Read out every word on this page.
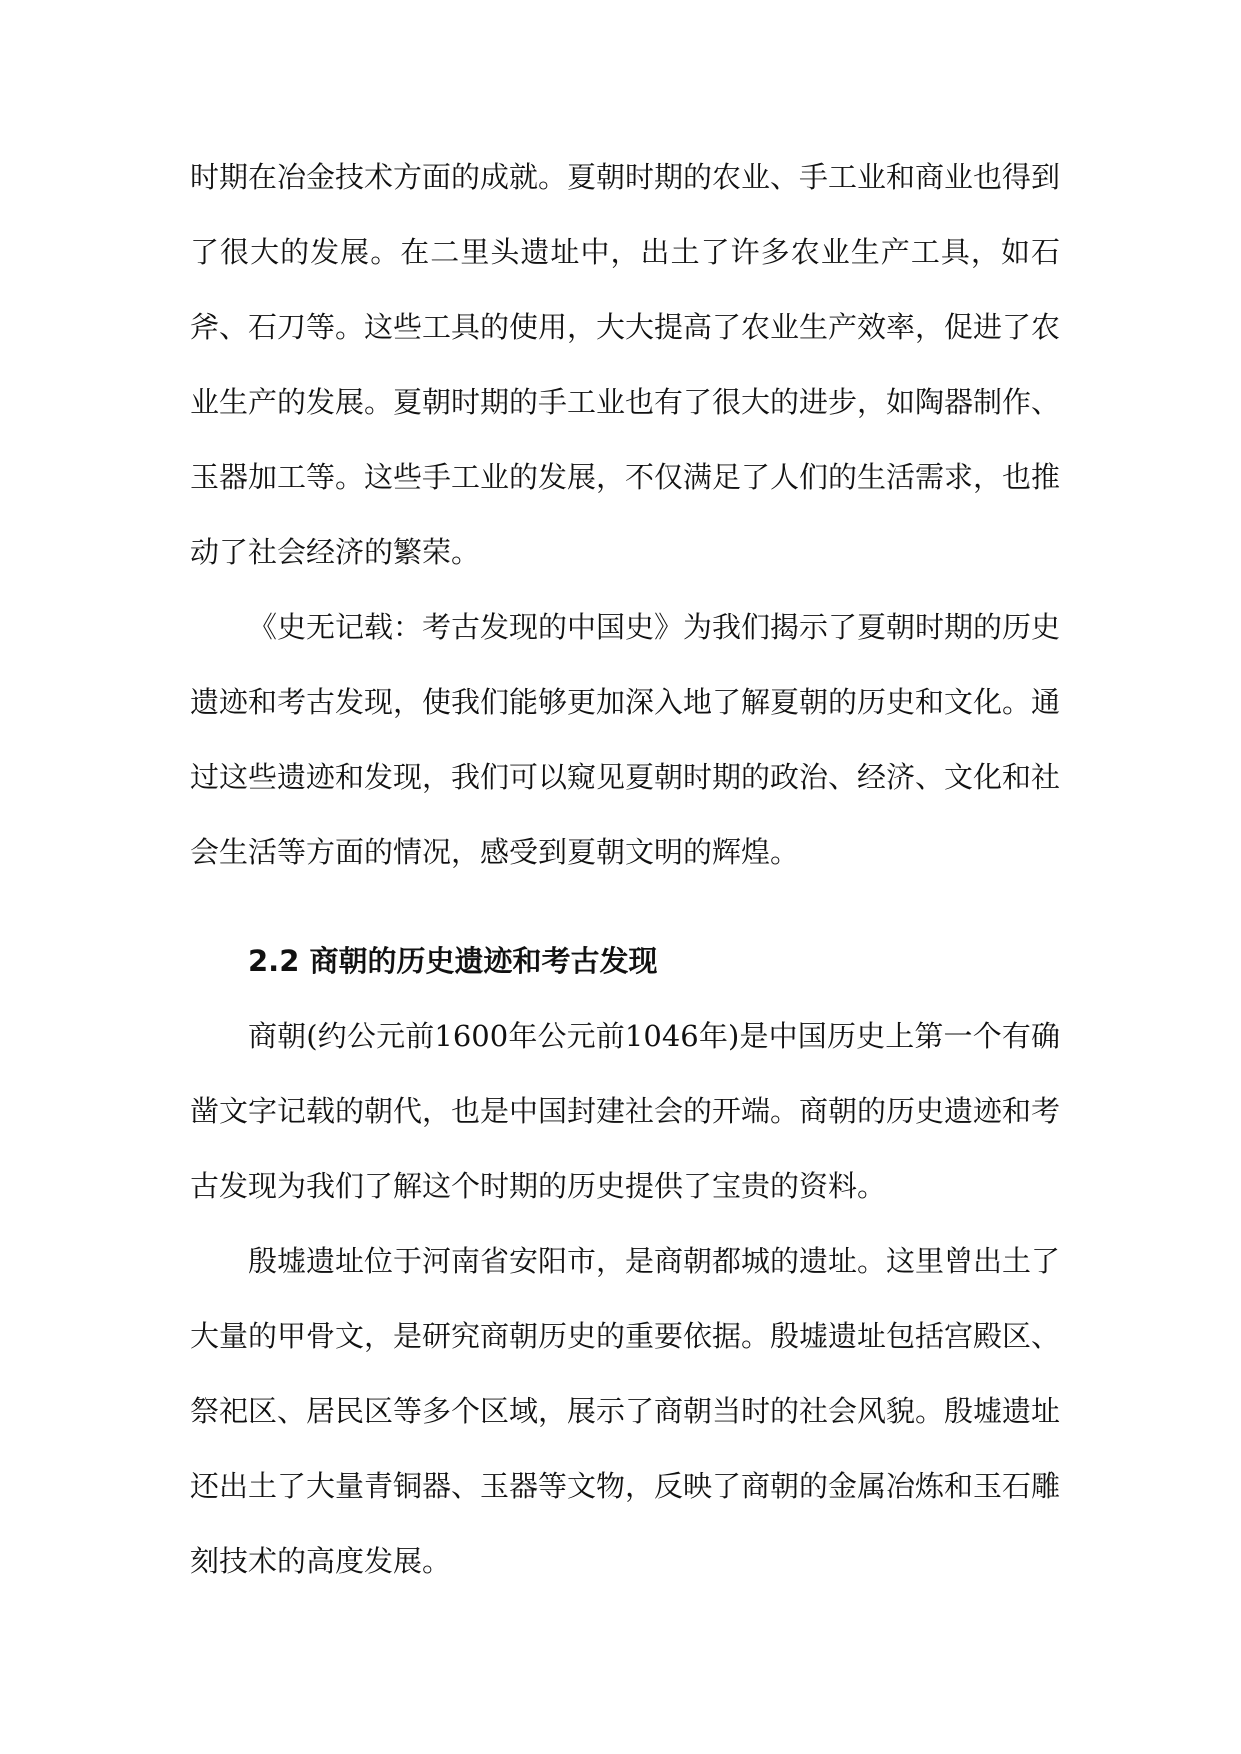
时期在冶金技术方面的成就。夏朝时期的农业、手工业和商业也得到了很大的发展。在二里头遗址中，出土了许多农业生产工具，如石斧、石刀等。这些工具的使用，大大提高了农业生产效率，促进了农业生产的发展。夏朝时期的手工业也有了很大的进步，如陶器制作、玉器加工等。这些手工业的发展，不仅满足了人们的生活需求，也推动了社会经济的繁荣。

《史无记载：考古发现的中国史》为我们揭示了夏朝时期的历史遗迹和考古发现，使我们能够更加深入地了解夏朝的历史和文化。通过这些遗迹和发现，我们可以窥见夏朝时期的政治、经济、文化和社会生活等方面的情况，感受到夏朝文明的辉煌。

2.2 商朝的历史遗迹和考古发现

商朝(约公元前1600年公元前1046年)是中国历史上第一个有确凿文字记载的朝代，也是中国封建社会的开端。商朝的历史遗迹和考古发现为我们了解这个时期的历史提供了宝贵的资料。

殷墟遗址位于河南省安阳市，是商朝都城的遗址。这里曾出土了大量的甲骨文，是研究商朝历史的重要依据。殷墟遗址包括宫殿区、祭祀区、居民区等多个区域，展示了商朝当时的社会风貌。殷墟遗址还出土了大量青铜器、玉器等文物，反映了商朝的金属冶炼和玉石雕刻技术的高度发展。
